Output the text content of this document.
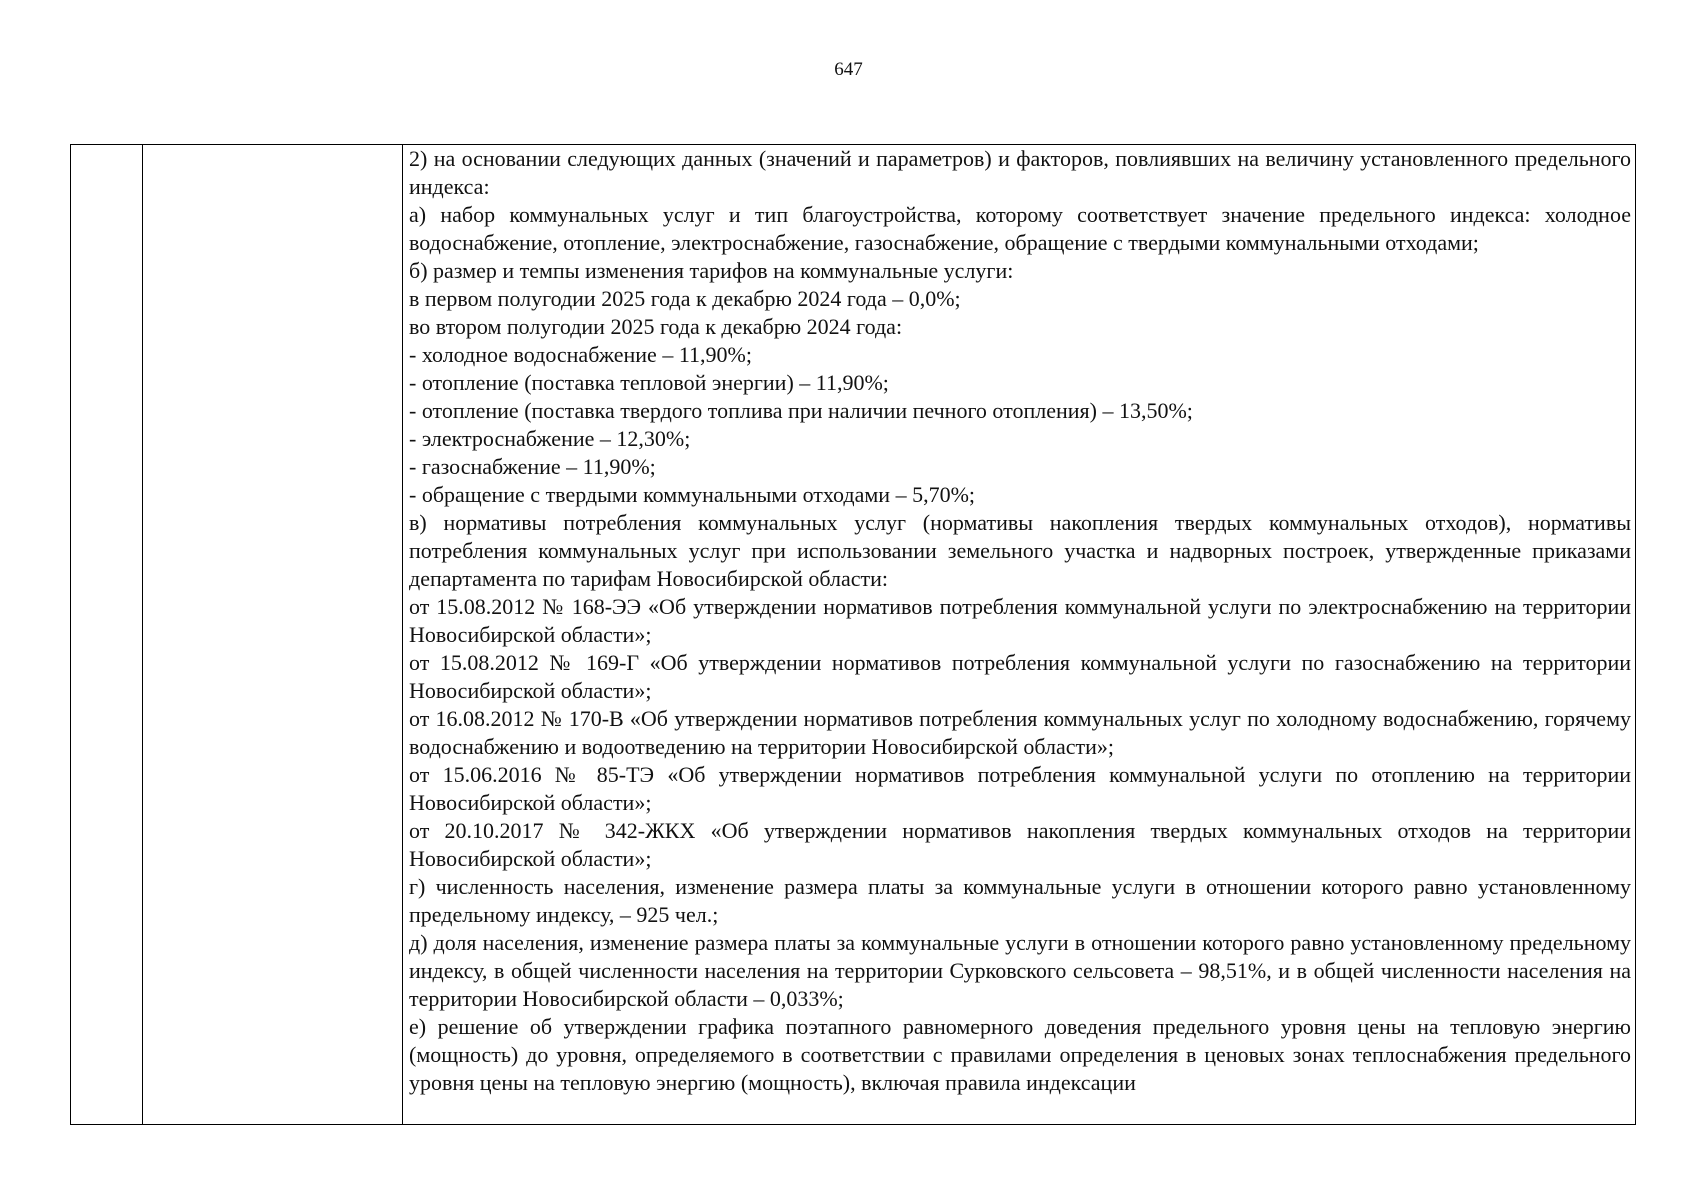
647

2) на основании следующих данных (значений и параметров) и факторов, повлиявших на величину установленного предельного индекса:

а) набор коммунальных услуг и тип благоустройства, которому соответствует значение предельного индекса: холодное водоснабжение, отопление, электроснабжение, газоснабжение, обращение с твердыми коммунальными отходами;

б) размер и темпы изменения тарифов на коммунальные услуги:

в первом полугодии 2025 года к декабрю 2024 года – 0,0%;

во втором полугодии 2025 года к декабрю 2024 года:

- холодное водоснабжение – 11,90%;

- отопление (поставка тепловой энергии) – 11,90%;

- отопление (поставка твердого топлива при наличии печного отопления) – 13,50%;

- электроснабжение – 12,30%;

- газоснабжение – 11,90%;

- обращение с твердыми коммунальными отходами – 5,70%;

в) нормативы потребления коммунальных услуг (нормативы накопления твердых коммунальных отходов), нормативы потребления коммунальных услуг при использовании земельного участка и надворных построек, утвержденные приказами департамента по тарифам Новосибирской области:

от 15.08.2012 № 168-ЭЭ «Об утверждении нормативов потребления коммунальной услуги по электроснабжению на территории Новосибирской области»;

от 15.08.2012 № 169-Г «Об утверждении нормативов потребления коммунальной услуги по газоснабжению на территории Новосибирской области»;

от 16.08.2012 № 170-В «Об утверждении нормативов потребления коммунальных услуг по холодному водоснабжению, горячему водоснабжению и водоотведению на территории Новосибирской области»;

от 15.06.2016 № 85-ТЭ «Об утверждении нормативов потребления коммунальной услуги по отоплению на территории Новосибирской области»;

от 20.10.2017 № 342-ЖКХ «Об утверждении нормативов накопления твердых коммунальных отходов на территории Новосибирской области»;

г) численность населения, изменение размера платы за коммунальные услуги в отношении которого равно установленному предельному индексу, – 925 чел.;

д) доля населения, изменение размера платы за коммунальные услуги в отношении которого равно установленному предельному индексу, в общей численности населения на территории Сурковского сельсовета – 98,51%, и в общей численности населения на территории Новосибирской области – 0,033%;

е) решение об утверждении графика поэтапного равномерного доведения предельного уровня цены на тепловую энергию (мощность) до уровня, определяемого в соответствии с правилами определения в ценовых зонах теплоснабжения предельного уровня цены на тепловую энергию (мощность), включая правила индексации
